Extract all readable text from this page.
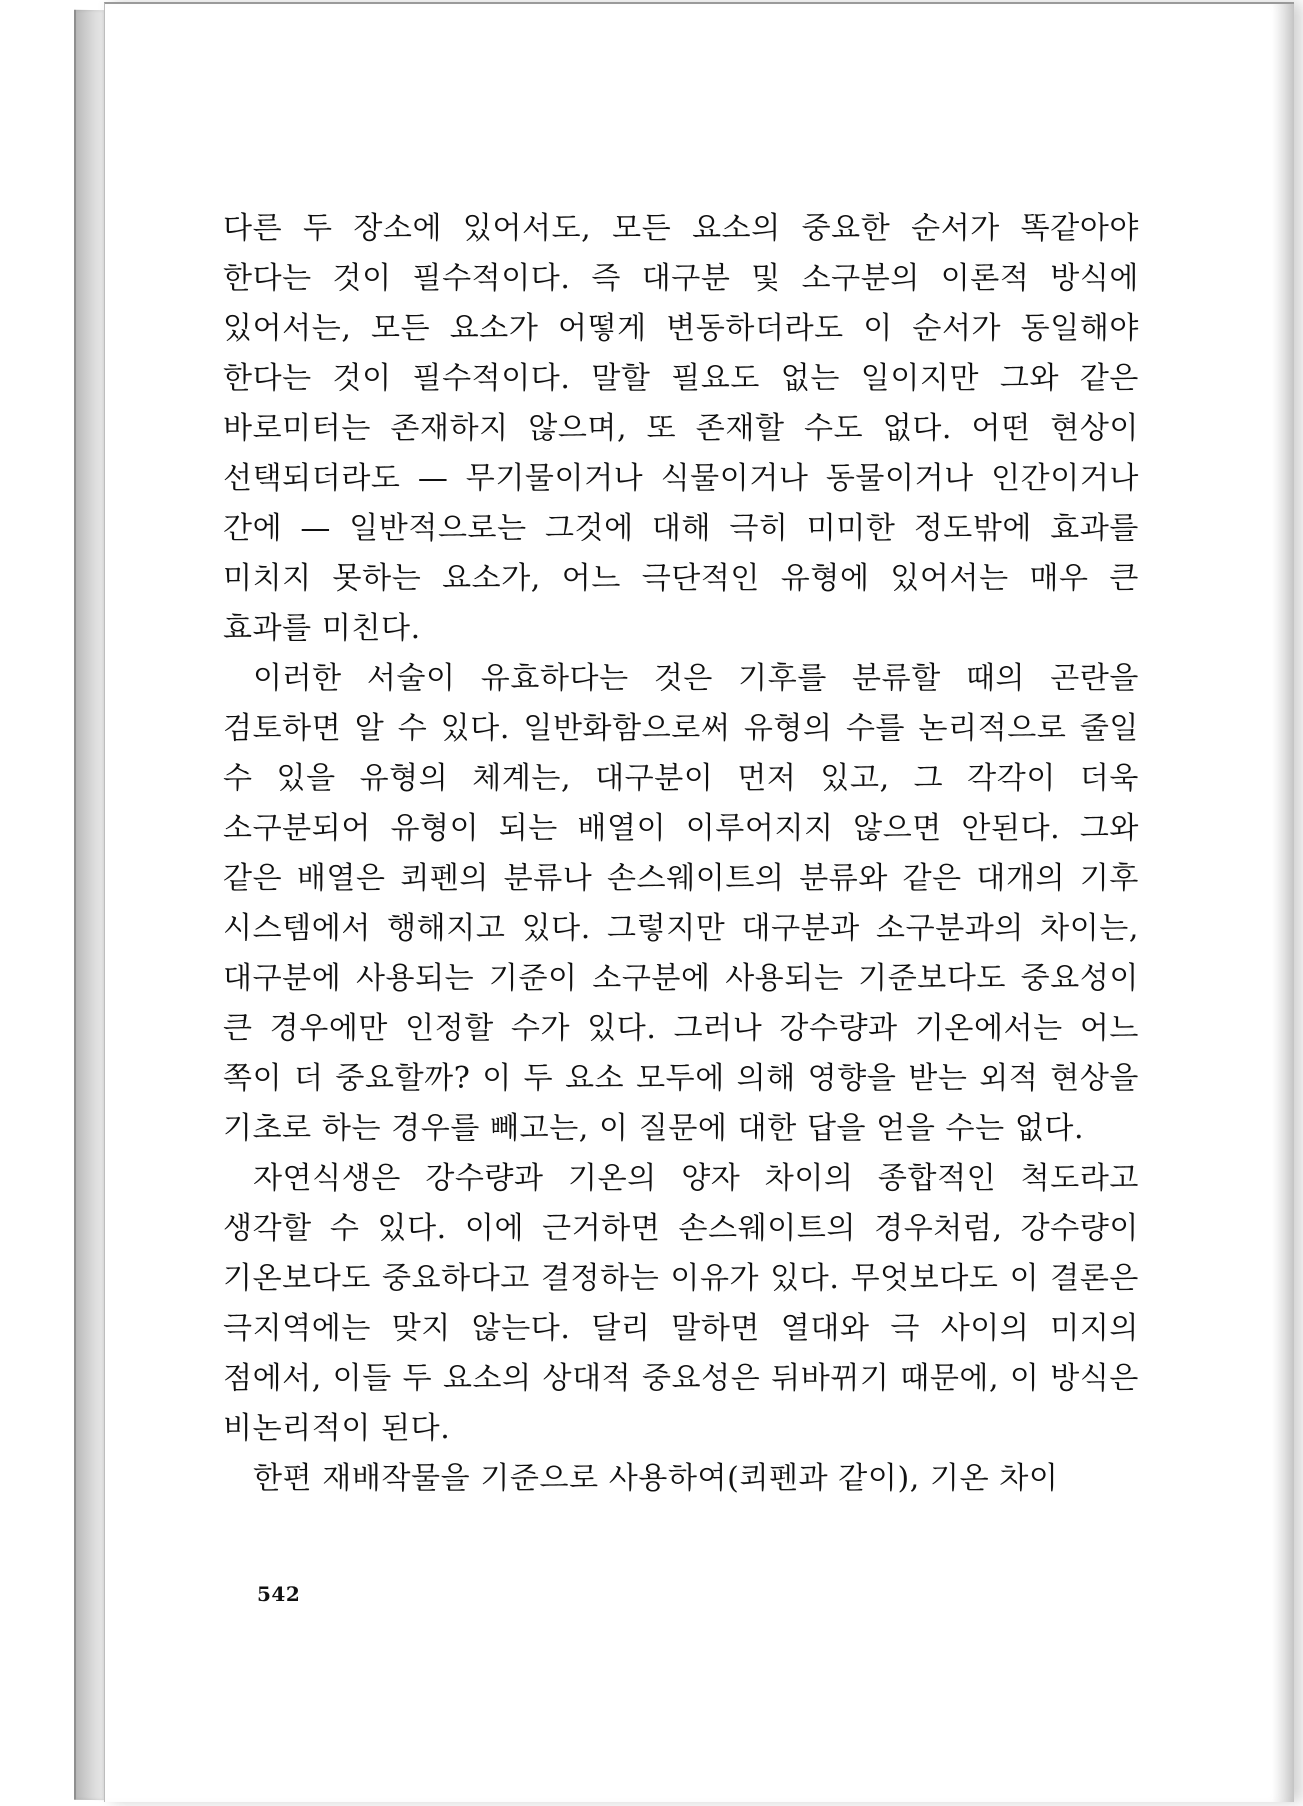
다른 두 장소에 있어서도, 모든 요소의 중요한 순서가 똑같아야 한다는 것이 필수적이다. 즉 대구분 및 소구분의 이론적 방식에 있어서는, 모든 요소가 어떻게 변동하더라도 이 순서가 동일해야 한다는 것이 필수적이다. 말할 필요도 없는 일이지만 그와 같은 바로미터는 존재하지 않으며, 또 존재할 수도 없다. 어떤 현상이 선택되더라도 — 무기물이거나 식물이거나 동물이거나 인간이거나 간에 — 일반적으로는 그것에 대해 극히 미미한 정도밖에 효과를 미치지 못하는 요소가, 어느 극단적인 유형에 있어서는 매우 큰 효과를 미친다.

이러한 서술이 유효하다는 것은 기후를 분류할 때의 곤란을 검토하면 알 수 있다. 일반화함으로써 유형의 수를 논리적으로 줄일 수 있을 유형의 체계는, 대구분이 먼저 있고, 그 각각이 더욱 소구분되어 유형이 되는 배열이 이루어지지 않으면 안된다. 그와 같은 배열은 쾨펜의 분류나 손스웨이트의 분류와 같은 대개의 기후 시스템에서 행해지고 있다. 그렇지만 대구분과 소구분과의 차이는, 대구분에 사용되는 기준이 소구분에 사용되는 기준보다도 중요성이 큰 경우에만 인정할 수가 있다. 그러나 강수량과 기온에서는 어느 쪽이 더 중요할까? 이 두 요소 모두에 의해 영향을 받는 외적 현상을 기초로 하는 경우를 빼고는, 이 질문에 대한 답을 얻을 수는 없다.

자연식생은 강수량과 기온의 양자 차이의 종합적인 척도라고 생각할 수 있다. 이에 근거하면 손스웨이트의 경우처럼, 강수량이 기온보다도 중요하다고 결정하는 이유가 있다. 무엇보다도 이 결론은 극지역에는 맞지 않는다. 달리 말하면 열대와 극 사이의 미지의 점에서, 이들 두 요소의 상대적 중요성은 뒤바뀌기 때문에, 이 방식은 비논리적이 된다.

한편 재배작물을 기준으로 사용하여(쾨펜과 같이), 기온 차이

542
